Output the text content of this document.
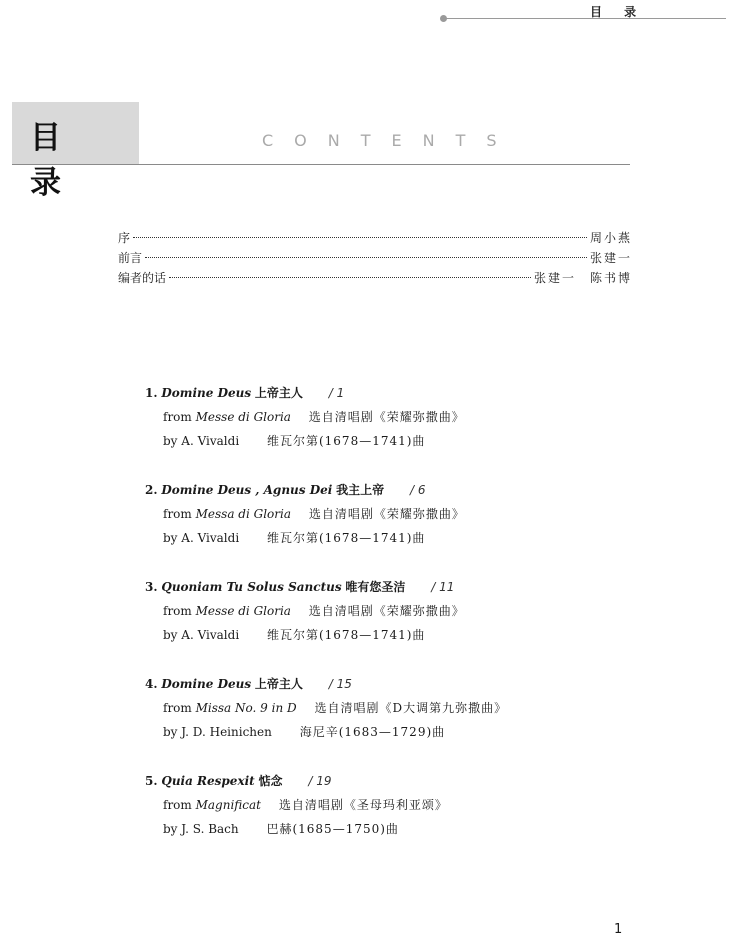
目 录
目 录
CONTENTS
序	周小燕
前言	张建一
编者的话	张建一　陈书博
1. Domine Deus 上帝主人 / 1
from Messe di Gloria 选自清唱剧《荣耀弥撒曲》
by A. Vivaldi 维瓦尔第(1678—1741)曲
2. Domine Deus , Agnus Dei 我主上帝 / 6
from Messa di Gloria 选自清唱剧《荣耀弥撒曲》
by A. Vivaldi 维瓦尔第(1678—1741)曲
3. Quoniam Tu Solus Sanctus 唯有您圣洁 / 11
from Messe di Gloria 选自清唱剧《荣耀弥撒曲》
by A. Vivaldi 维瓦尔第(1678—1741)曲
4. Domine Deus 上帝主人 / 15
from Missa No. 9 in D 选自清唱剧《D大调第九弥撒曲》
by J. D. Heinichen 海尼辛(1683—1729)曲
5. Quia Respexit 惦念 / 19
from Magnificat 选自清唱剧《圣母玛利亚颂》
by J. S. Bach 巴赫(1685—1750)曲
1
